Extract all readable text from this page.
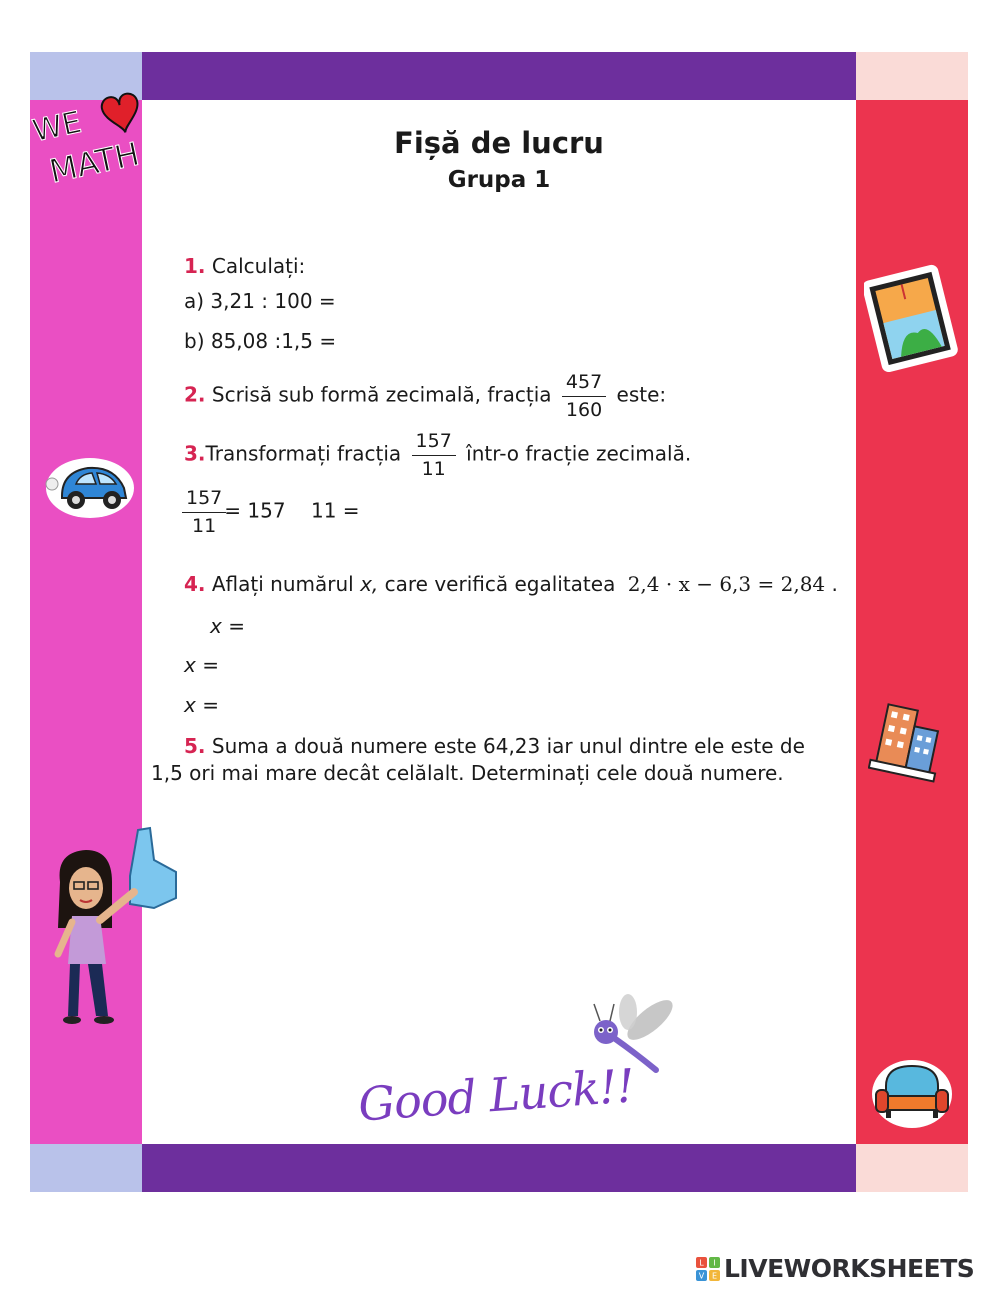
WE
MATH	Fișă de lucru
Grupa 1
1. Calculați:
a) 3,21 : 100 =
b) 85,08 :1,5 =
2. Scrisă sub formă zecimală, fracția $\frac{457}{160}$ este:
3.Transformați fracția $\frac{157}{11}$ într-o fracție zecimală.
$\frac{157}{11} = 157$    11 =
4. Aflați numărul x, care verifică egalitatea 2,4 · x − 6,3 = 2,84 .
x =
x =
x =
5. Suma a două numere este 64,23 iar unul dintre ele este de
1,5 ori mai mare decât celălalt. Determinați cele două numere.
Good Luck!!
L I
V E LIVEWORKSHEETS
